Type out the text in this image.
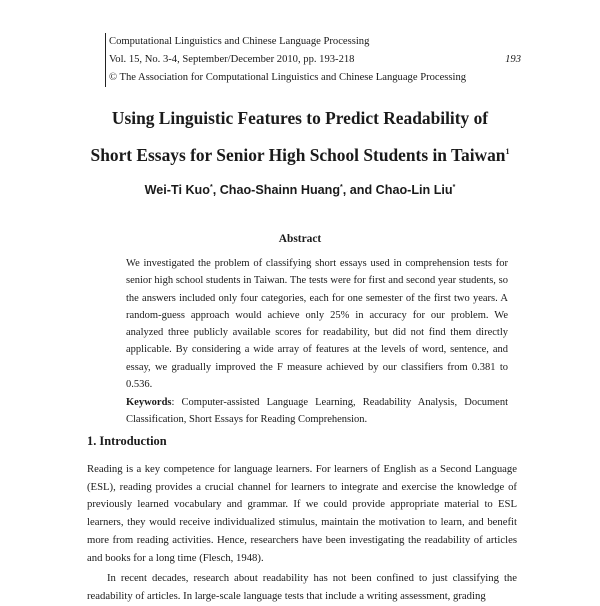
Computational Linguistics and Chinese Language Processing
Vol. 15, No. 3-4, September/December 2010, pp. 193-218	193
© The Association for Computational Linguistics and Chinese Language Processing
Using Linguistic Features to Predict Readability of
Short Essays for Senior High School Students in Taiwan$^1$
Wei-Ti Kuo*, Chao-Shainn Huang*, and Chao-Lin Liu*
Abstract
We investigated the problem of classifying short essays used in comprehension tests for senior high school students in Taiwan. The tests were for first and second year students, so the answers included only four categories, each for one semester of the first two years. A random-guess approach would achieve only 25% in accuracy for our problem. We analyzed three publicly available scores for readability, but did not find them directly applicable. By considering a wide array of features at the levels of word, sentence, and essay, we gradually improved the F measure achieved by our classifiers from 0.381 to 0.536.
Keywords: Computer-assisted Language Learning, Readability Analysis, Document Classification, Short Essays for Reading Comprehension.
1. Introduction

Reading is a key competence for language learners. For learners of English as a Second Language (ESL), reading provides a crucial channel for learners to integrate and exercise the knowledge of previously learned vocabulary and grammar. If we could provide appropriate material to ESL learners, they would receive individualized stimulus, maintain the motivation to learn, and benefit more from reading activities. Hence, researchers have been investigating the readability of articles and books for a long time (Flesch, 1948).

In recent decades, research about readability has not been confined to just classifying the readability of articles. In large-scale language tests that include a writing assessment, grading
